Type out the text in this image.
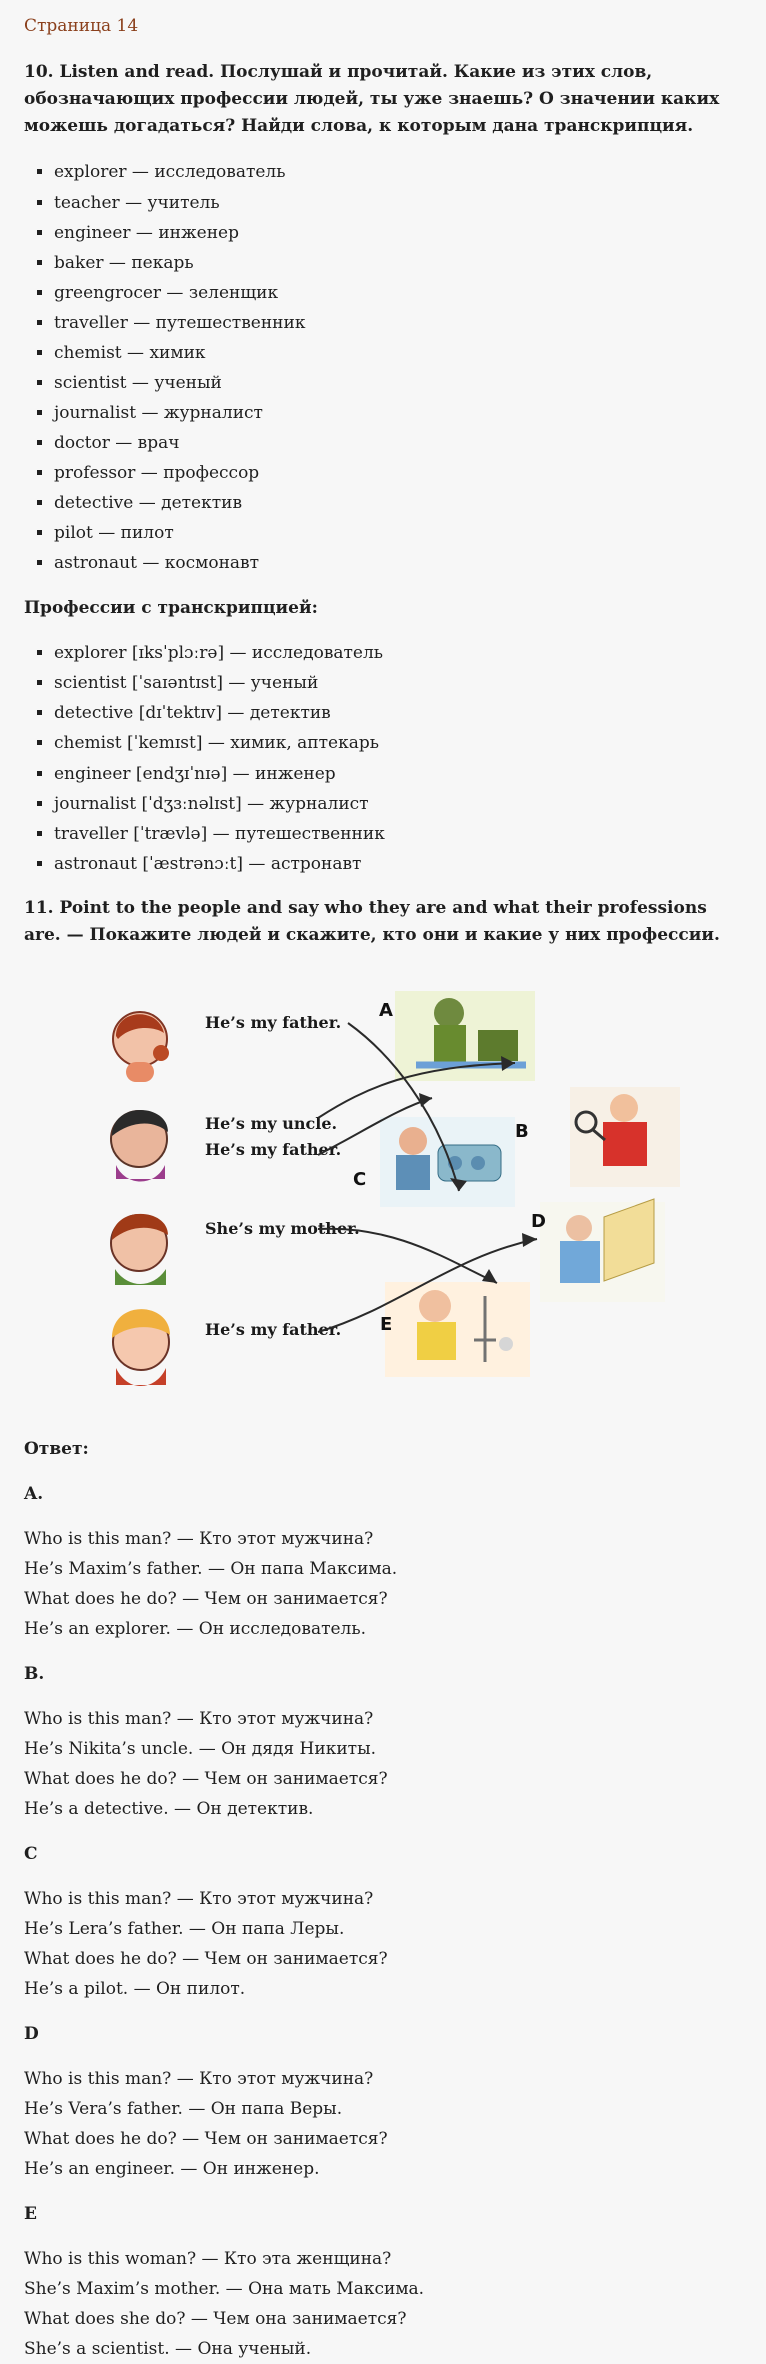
Страница 14
10. Listen and read. Послушай и прочитай. Какие из этих слов, обозначающих профессии людей, ты уже знаешь? О значении каких можешь догадаться? Найди слова, к которым дана транскрипция.
explorer — исследователь
teacher — учитель
engineer — инженер
baker — пекарь
greengrocer — зеленщик
traveller — путешественник
chemist — химик
scientist — ученый
journalist — журналист
doctor — врач
professor — профессор
detective — детектив
pilot — пилот
astronaut — космонавт
Профессии с транскрипцией:
explorer [ɪksˈplɔːrə] — исследователь
scientist [ˈsaɪəntɪst] — ученый
detective [dɪˈtektɪv] — детектив
chemist [ˈkemɪst] — химик, аптекарь
engineer [endʒɪˈnɪə] — инженер
journalist [ˈdʒɜːnəlɪst] — журналист
traveller [ˈtrævlə] — путешественник
astronaut [ˈæstrənɔːt] — астронавт
11. Point to the people and say who they are and what their professions are. — Покажите людей и скажите, кто они и какие у них профессии.
He’s my father.
He’s my uncle.
He’s my father.
She’s my mother.
He’s my father.
A
B
C
D
E
Ответ:
A.
Who is this man? — Кто этот мужчина?
He’s Maxim’s father. — Он папа Максима.
What does he do? — Чем он занимается?
He’s an explorer. — Он исследователь.
B.
Who is this man? — Кто этот мужчина?
He’s Nikita’s uncle. — Он дядя Никиты.
What does he do? — Чем он занимается?
He’s a detective. — Он детектив.
C
Who is this man? — Кто этот мужчина?
He’s Lera’s father. — Он папа Леры.
What does he do? — Чем он занимается?
He’s a pilot. — Он пилот.
D
Who is this man? — Кто этот мужчина?
He’s Vera’s father. — Он папа Веры.
What does he do? — Чем он занимается?
He’s an engineer. — Он инженер.
E
Who is this woman? — Кто эта женщина?
She’s Maxim’s mother. — Она мать Максима.
What does she do? — Чем она занимается?
She’s a scientist. — Она ученый.
